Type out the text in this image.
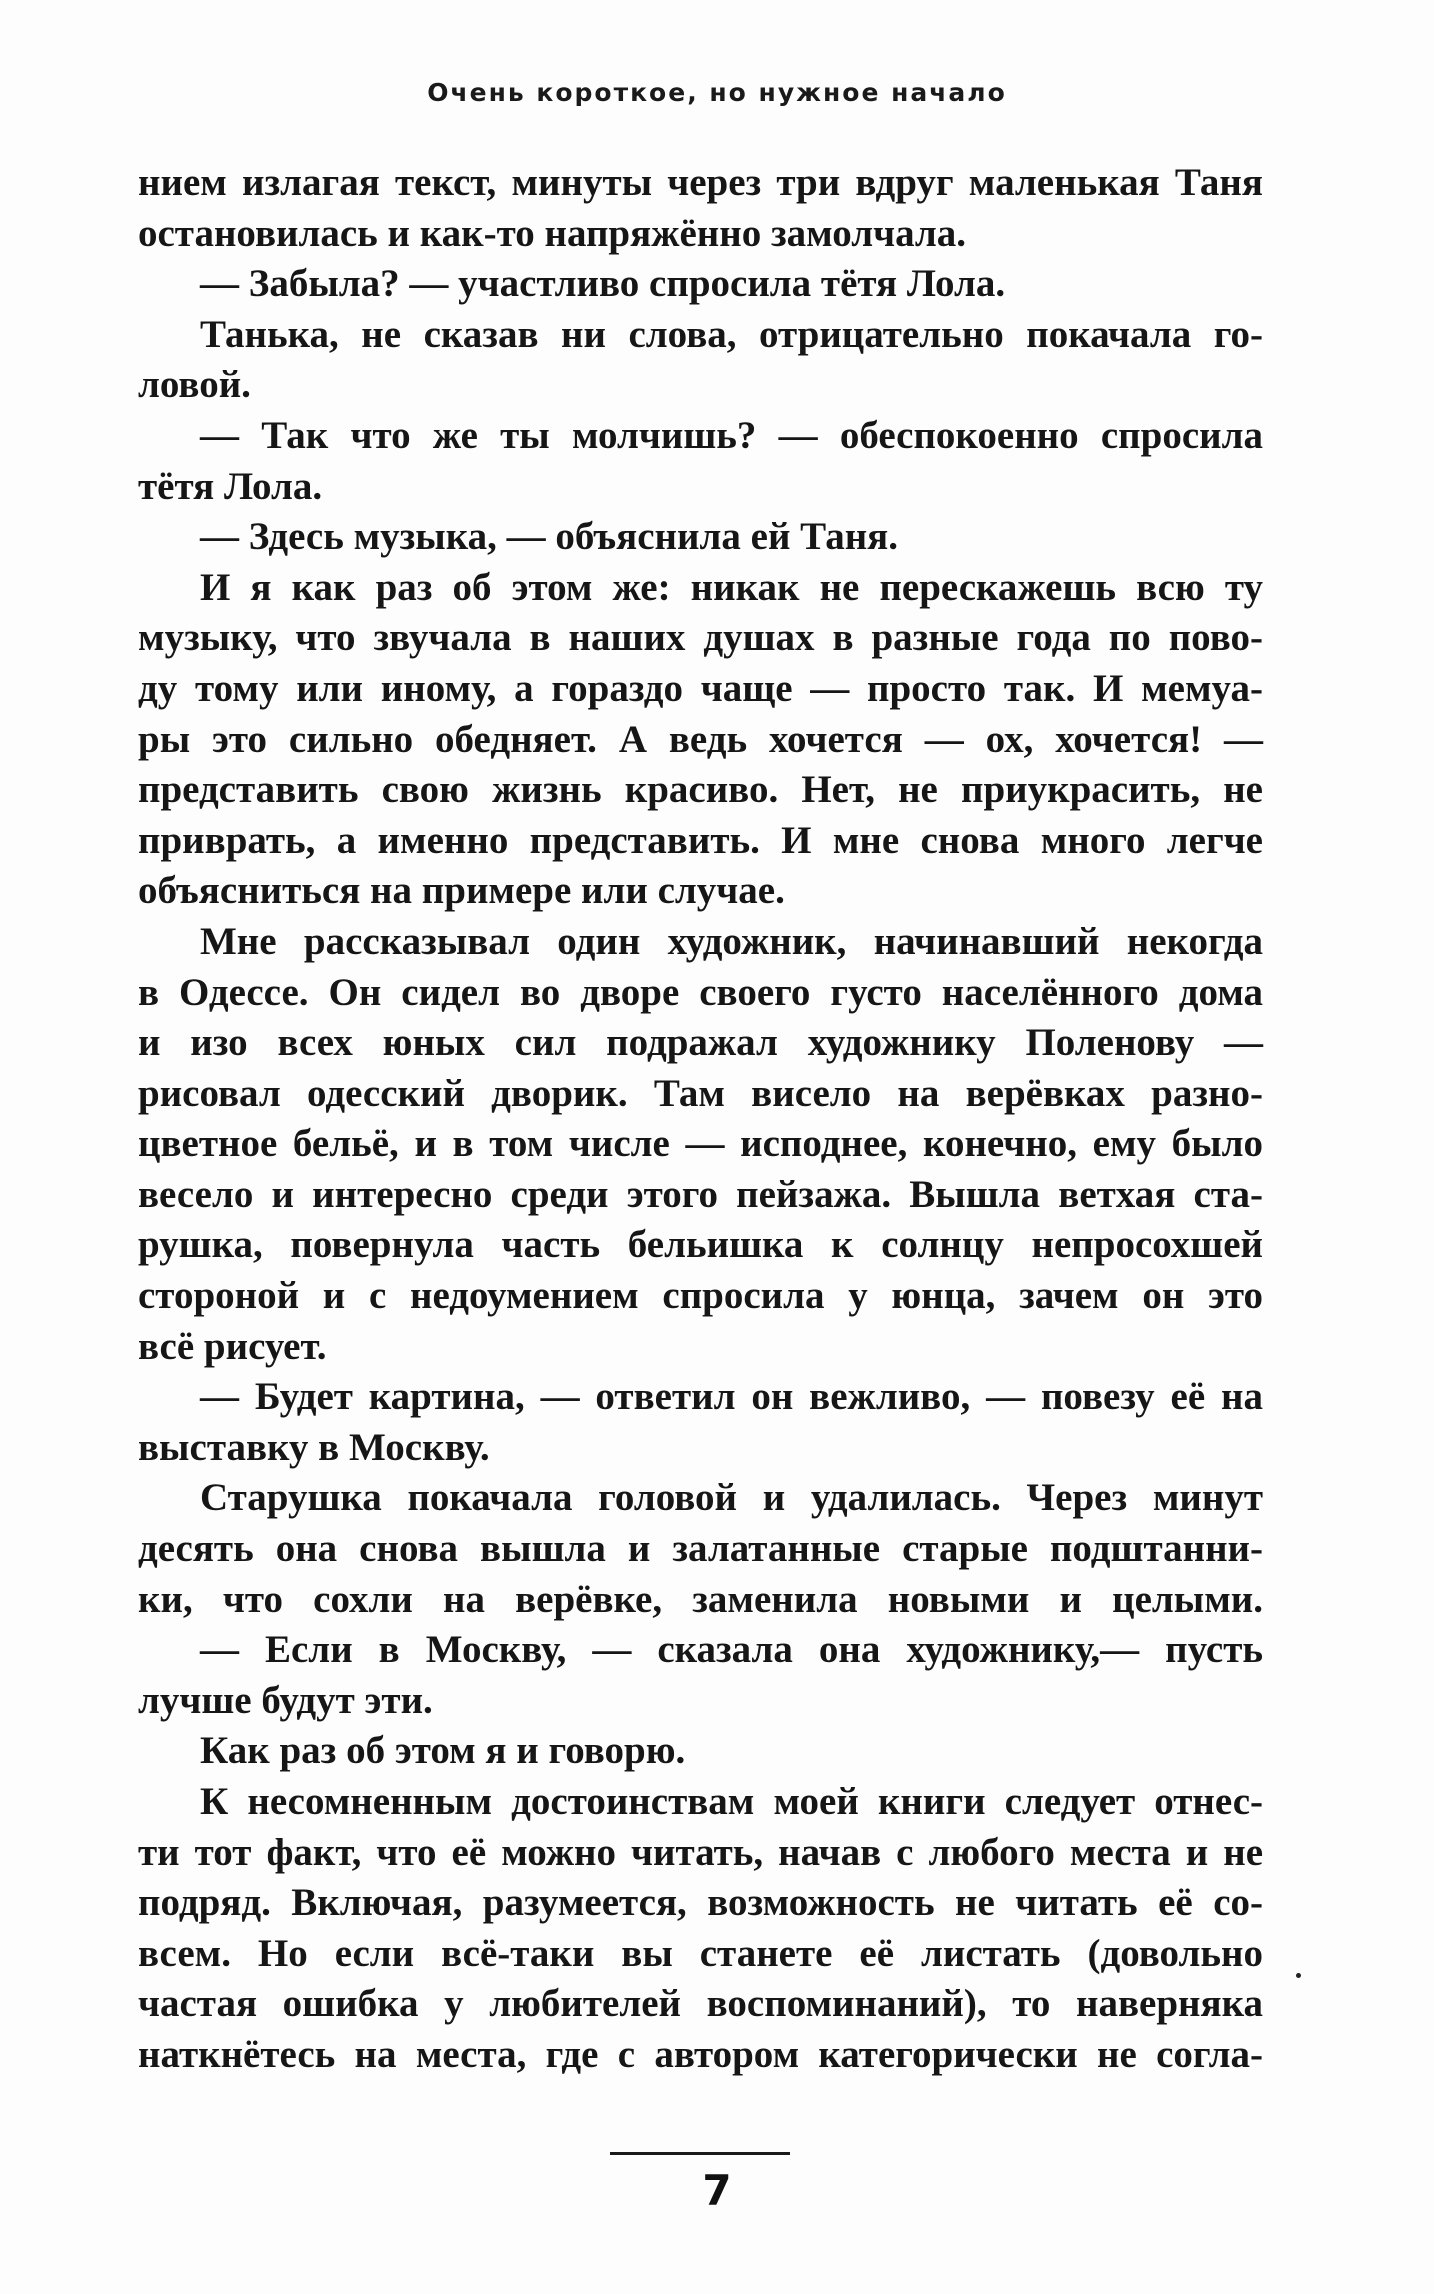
Очень короткое, но нужное начало
нием излагая текст, минуты через три вдруг маленькая Таня
остановилась и как-то напряжённо замолчала.
— Забыла? — участливо спросила тётя Лола.
Танька, не сказав ни слова, отрицательно покачала го-
ловой.
— Так что же ты молчишь? — обеспокоенно спросила
тётя Лола.
— Здесь музыка, — объяснила ей Таня.
И я как раз об этом же: никак не перескажешь всю ту
музыку, что звучала в наших душах в разные года по пово-
ду тому или иному, а гораздо чаще — просто так. И мемуа-
ры это сильно обедняет. А ведь хочется — ох, хочется! —
представить свою жизнь красиво. Нет, не приукрасить, не
приврать, а именно представить. И мне снова много легче
объясниться на примере или случае.
Мне рассказывал один художник, начинавший некогда
в Одессе. Он сидел во дворе своего густо населённого дома
и изо всех юных сил подражал художнику Поленову —
рисовал одесский дворик. Там висело на верёвках разно-
цветное бельё, и в том числе — исподнее, конечно, ему было
весело и интересно среди этого пейзажа. Вышла ветхая ста-
рушка, повернула часть бельишка к солнцу непросохшей
стороной и с недоумением спросила у юнца, зачем он это
всё рисует.
— Будет картина, — ответил он вежливо, — повезу её на
выставку в Москву.
Старушка покачала головой и удалилась. Через минут
десять она снова вышла и залатанные старые подштанни-
ки, что сохли на верёвке, заменила новыми и целыми.
— Если в Москву, — сказала она художнику,— пусть
лучше будут эти.
Как раз об этом я и говорю.
К несомненным достоинствам моей книги следует отнес-
ти тот факт, что её можно читать, начав с любого места и не
подряд. Включая, разумеется, возможность не читать её со-
всем. Но если всё-таки вы станете её листать (довольно
частая ошибка у любителей воспоминаний), то наверняка
наткнётесь на места, где с автором категорически не согла-
7
